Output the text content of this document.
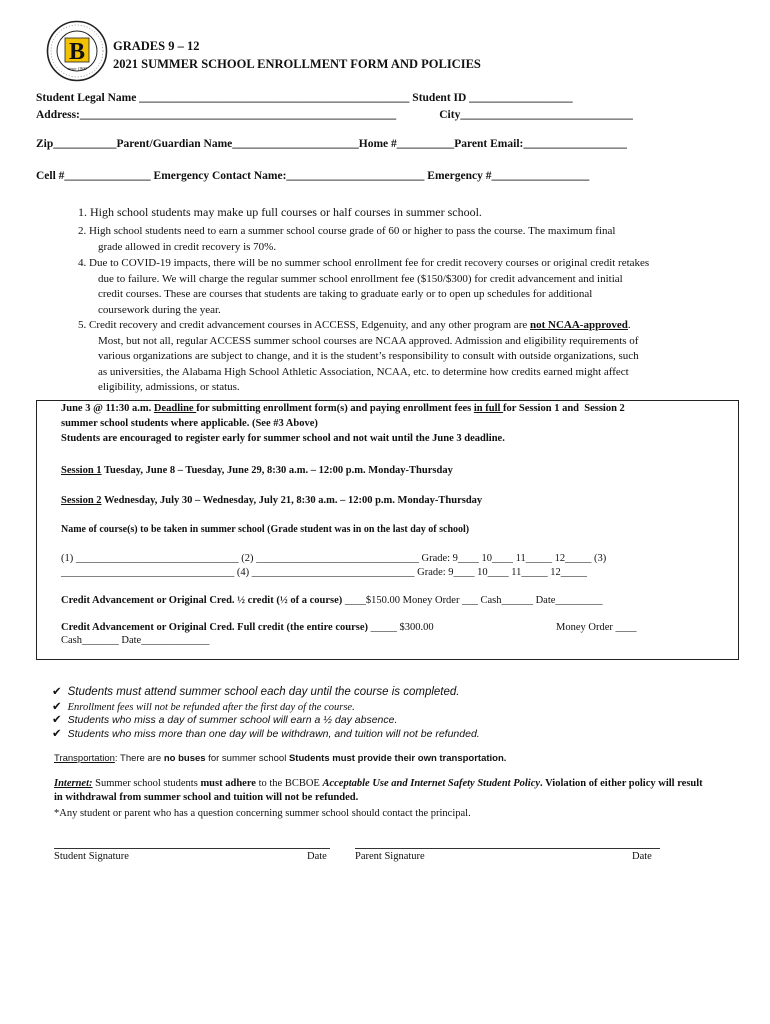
B
since 1900
GRADES 9 – 12
2021 SUMMER SCHOOL ENROLLMENT FORM AND POLICIES
Student Legal Name _______________________________________________ Student ID __________________
Address:_______________________________________________________               City______________________________
Zip___________Parent/Guardian Name______________________Home #__________Parent Email:__________________
Cell #_______________ Emergency Contact Name:________________________ Emergency #_________________
1. High school students may make up full courses or half courses in summer school.
2. High school students need to earn a summer school course grade of 60 or higher to pass the course. The maximum final
grade allowed in credit recovery is 70%.
4. Due to COVID-19 impacts, there will be no summer school enrollment fee for credit recovery courses or original credit retakes
due to failure. We will charge the regular summer school enrollment fee ($150/$300) for credit advancement and initial
credit courses. These are courses that students are taking to graduate early or to open up schedules for additional
coursework during the year.
5. Credit recovery and credit advancement courses in ACCESS, Edgenuity, and any other program are not NCAA-approved.
Most, but not all, regular ACCESS summer school courses are NCAA approved. Admission and eligibility requirements of
various organizations are subject to change, and it is the student’s responsibility to consult with outside organizations, such
as universities, the Alabama High School Athletic Association, NCAA, etc. to determine how credits earned might affect
eligibility, admissions, or status.
June 3 @ 11:30 a.m. Deadline for submitting enrollment form(s) and paying enrollment fees in full for Session 1 and  Session 2
summer school students where applicable. (See #3 Above)
Students are encouraged to register early for summer school and not wait until the June 3 deadline.
Session 1 Tuesday, June 8 – Tuesday, June 29, 8:30 a.m. – 12:00 p.m. Monday-Thursday
Session 2 Wednesday, July 30 – Wednesday, July 21, 8:30 a.m. – 12:00 p.m. Monday-Thursday
Name of course(s) to be taken in summer school (Grade student was in on the last day of school)
(1) _______________________________ (2) _______________________________ Grade: 9____ 10____ 11_____ 12_____ (3)
_________________________________ (4) _______________________________ Grade: 9____ 10____ 11_____ 12_____
Credit Advancement or Original Cred. ½ credit (½ of a course) ____$150.00 Money Order ___ Cash______ Date_________
Credit Advancement or Original Cred. Full credit (the entire course) _____ $300.00	Money Order ____
Cash_______ Date_____________
✔ Students must attend summer school each day until the course is completed.
✔ Enrollment fees will not be refunded after the first day of the course.
✔ Students who miss a day of summer school will earn a ½ day absence.
✔ Students who miss more than one day will be withdrawn, and tuition will not be refunded.
Transportation: There are no buses for summer school Students must provide their own transportation.
Internet: Summer school students must adhere to the BCBOE Acceptable Use and Internet Safety Student Policy. Violation of either policy will result
in withdrawal from summer school and tuition will not be refunded.
*Any student or parent who has a question concerning summer school should contact the principal.
Student Signature	Date	Parent Signature	Date
